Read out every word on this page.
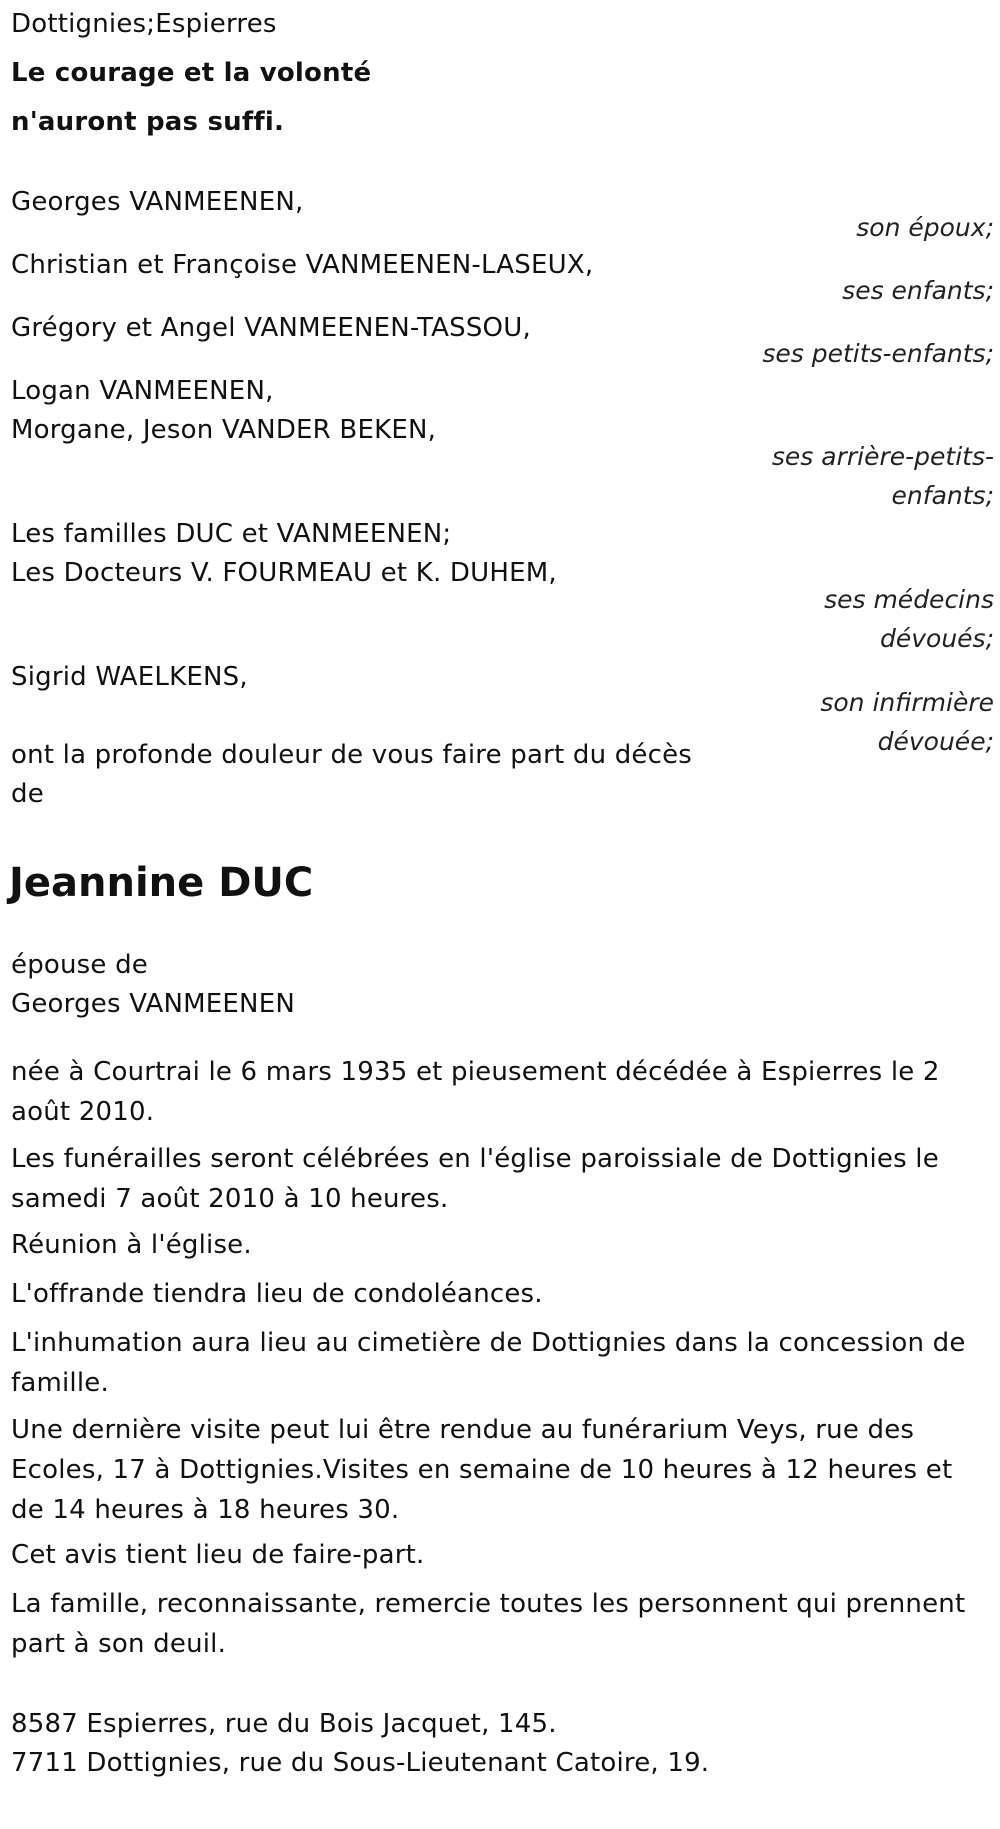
Dottignies;Espierres
Le courage et la volonté
n'auront pas suffi.
Georges VANMEENEN,
son époux;
Christian et Françoise VANMEENEN-LASEUX,
ses enfants;
Grégory et Angel VANMEENEN-TASSOU,
ses petits-enfants;
Logan VANMEENEN,
Morgane, Jeson VANDER BEKEN,
ses arrière-petits-
enfants;
Les familles DUC et VANMEENEN;
Les Docteurs V. FOURMEAU et K. DUHEM,
ses médecins
dévoués;
Sigrid WAELKENS,
son infirmière
dévouée;
ont la profonde douleur de vous faire part du décès
de
Jeannine DUC
épouse de
Georges VANMEENEN
née à Courtrai le 6 mars 1935 et pieusement décédée à Espierres le 2 août 2010.
Les funérailles seront célébrées en l'église paroissiale de Dottignies le samedi 7 août 2010 à 10 heures.
Réunion à l'église.
L'offrande tiendra lieu de condoléances.
L'inhumation aura lieu au cimetière de Dottignies dans la concession de famille.
Une dernière visite peut lui être rendue au funérarium Veys, rue des Ecoles, 17 à Dottignies.Visites en semaine de 10 heures à 12 heures et de 14 heures à 18 heures 30.
Cet avis tient lieu de faire-part.
La famille, reconnaissante, remercie toutes les personnent qui prennent part à son deuil.
8587 Espierres, rue du Bois Jacquet, 145.
7711 Dottignies, rue du Sous-Lieutenant Catoire, 19.
